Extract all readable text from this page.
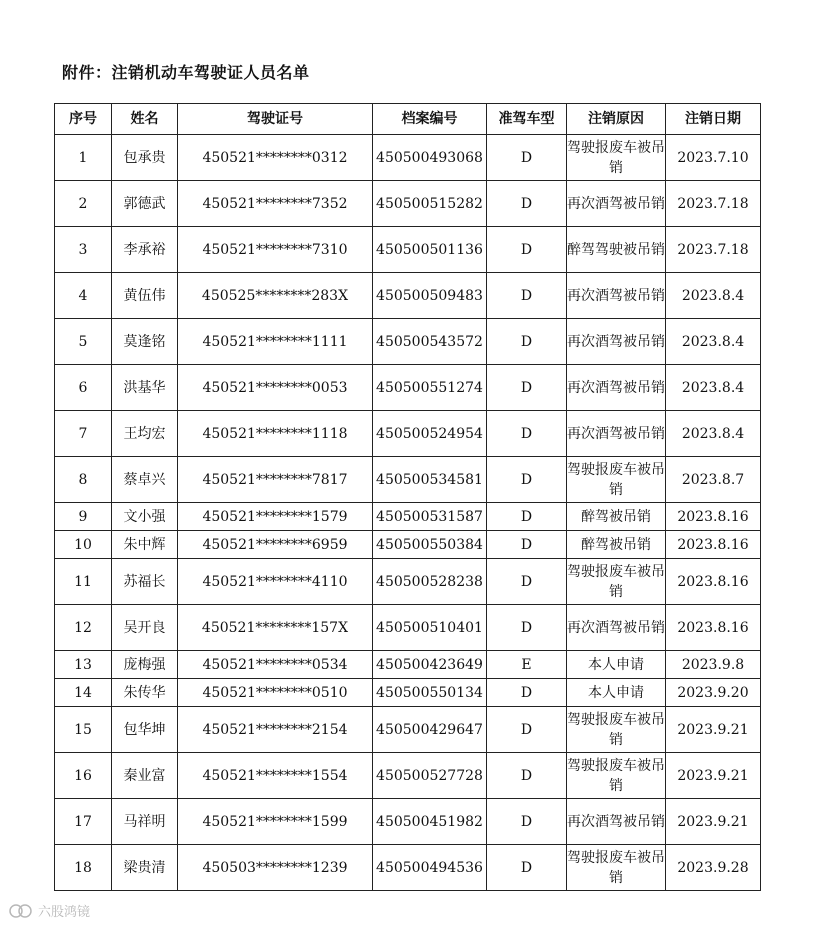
附件：注销机动车驾驶证人员名单
序号	姓名	驾驶证号	档案编号	准驾车型	注销原因	注销日期
1	包承贵	450521********0312	450500493068	D	驾驶报废车被吊销	2023.7.10
2	郭德武	450521********7352	450500515282	D	再次酒驾被吊销	2023.7.18
3	李承裕	450521********7310	450500501136	D	醉驾驾驶被吊销	2023.7.18
4	黄伍伟	450525********283X	450500509483	D	再次酒驾被吊销	2023.8.4
5	莫逢铭	450521********1111	450500543572	D	再次酒驾被吊销	2023.8.4
6	洪基华	450521********0053	450500551274	D	再次酒驾被吊销	2023.8.4
7	王均宏	450521********1118	450500524954	D	再次酒驾被吊销	2023.8.4
8	蔡卓兴	450521********7817	450500534581	D	驾驶报废车被吊销	2023.8.7
9	文小强	450521********1579	450500531587	D	醉驾被吊销	2023.8.16
10	朱中辉	450521********6959	450500550384	D	醉驾被吊销	2023.8.16
11	苏福长	450521********4110	450500528238	D	驾驶报废车被吊销	2023.8.16
12	吴开良	450521********157X	450500510401	D	再次酒驾被吊销	2023.8.16
13	庞梅强	450521********0534	450500423649	E	本人申请	2023.9.8
14	朱传华	450521********0510	450500550134	D	本人申请	2023.9.20
15	包华坤	450521********2154	450500429647	D	驾驶报废车被吊销	2023.9.21
16	秦业富	450521********1554	450500527728	D	驾驶报废车被吊销	2023.9.21
17	马祥明	450521********1599	450500451982	D	再次酒驾被吊销	2023.9.21
18	梁贵清	450503********1239	450500494536	D	驾驶报废车被吊销	2023.9.28
六股鸿镜
